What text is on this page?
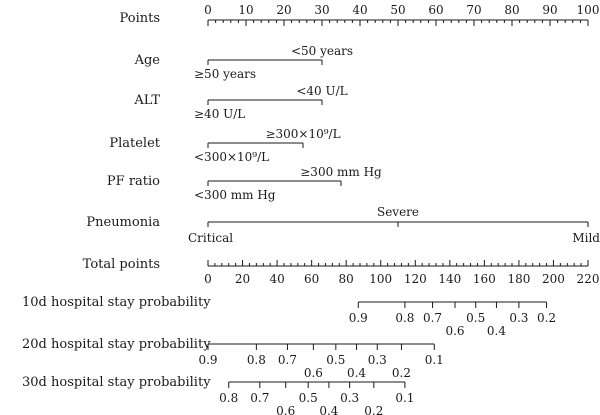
Points
0 10 20 30 40 50 60 70 80 90 100
Age
≥50 years
<50 years
ALT
≥40 U/L
<40 U/L
Platelet
<300×10⁹/L
≥300×10⁹/L
PF ratio
<300 mm Hg
≥300 mm Hg
Pneumonia
Critical
Severe
Mild
Total points
0 20 40 60 80 100 120 140 160 180 200 220
10d hospital stay probability
0.9 0.8 0.7
0.6
0.5
0.4
0.3 0.2
20d hospital stay probability
0.9 0.8 0.7
0.6
0.5
0.4
0.3
0.2
0.1
30d hospital stay probability
0.8 0.7
0.6
0.5
0.4
0.3
0.2
0.1
